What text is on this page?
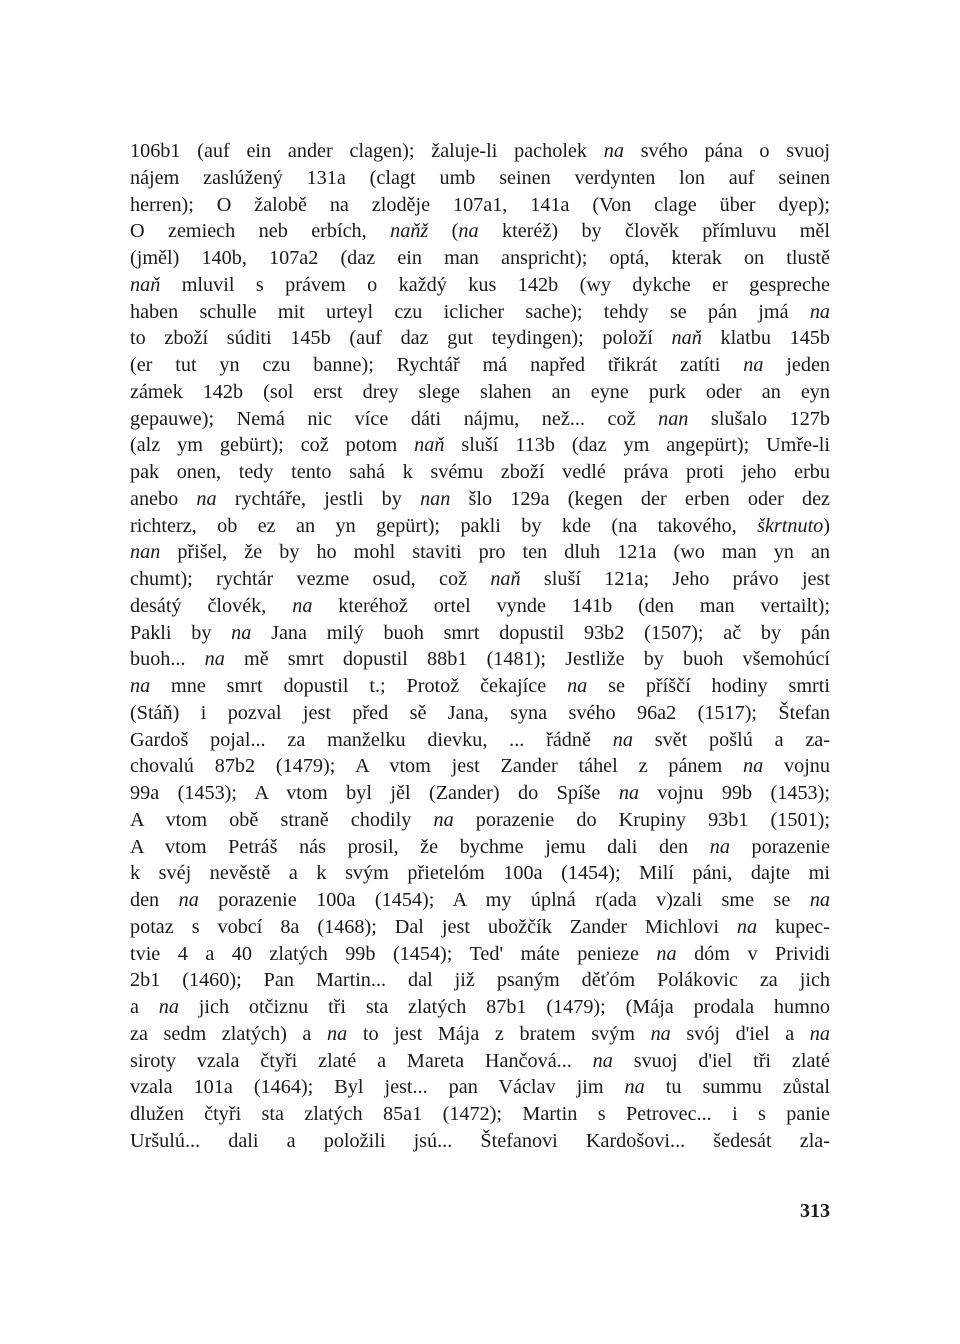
106b1 (auf ein ander clagen); žaluje-li pacholek na svého pána o svuoj
nájem zaslúžený 131a (clagt umb seinen verdynten lon auf seinen
herren); O žalobě na zloděje 107a1, 141a (Von clage über dyep);
O zemiech neb erbích, naňž (na kteréž) by člověk přímluvu měl
(jměl) 140b, 107a2 (daz ein man anspricht); optá, kterak on tlustě
naň mluvil s právem o každý kus 142b (wy dykche er gespreche
haben schulle mit urteyl czu iclicher sache); tehdy se pán jmá na
to zboží súditi 145b (auf daz gut teydingen); položí naň klatbu 145b
(er tut yn czu banne); Rychtář má napřed třikrát zatíti na jeden
zámek 142b (sol erst drey slege slahen an eyne purk oder an eyn
gepauwe); Nemá nic více dáti nájmu, než... což nan slušalo 127b
(alz ym gebürt); což potom naň sluší 113b (daz ym angepürt); Umře-li
pak onen, tedy tento sahá k svému zboží vedlé práva proti jeho erbu
anebo na rychtáře, jestli by nan šlo 129a (kegen der erben oder dez
richterz, ob ez an yn gepürt); pakli by kde (na takového, škrtnuto)
nan přišel, že by ho mohl staviti pro ten dluh 121a (wo man yn an
chumt); rychtár vezme osud, což naň sluší 121a; Jeho právo jest
desátý človék, na kteréhož ortel vynde 141b (den man vertailt);
Pakli by na Jana milý buoh smrt dopustil 93b2 (1507); ač by pán
buoh... na mě smrt dopustil 88b1 (1481); Jestliže by buoh všemohúcí
na mne smrt dopustil t.; Protož čekajíce na se příščí hodiny smrti
(Stáň) i pozval jest před sě Jana, syna svého 96a2 (1517); Štefan
Gardoš pojal... za manželku dievku, ... řádně na svět pošlú a za-
chovalú 87b2 (1479); A vtom jest Zander táhel z pánem na vojnu
99a (1453); A vtom byl jěl (Zander) do Spíše na vojnu 99b (1453);
A vtom obě straně chodily na porazenie do Krupiny 93b1 (1501);
A vtom Petráš nás prosil, že bychme jemu dali den na porazenie
k svéj nevěstě a k svým přietelóm 100a (1454); Milí páni, dajte mi
den na porazenie 100a (1454); A my úplná r(ada v)zali sme se na
potaz s vobcí 8a (1468); Dal jest ubožčík Zander Michlovi na kupec-
tvie 4 a 40 zlatých 99b (1454); Ted' máte penieze na dóm v Prividi
2b1 (1460); Pan Martin... dal již psaným děťóm Polákovic za jich
a na jich otčiznu tři sta zlatých 87b1 (1479); (Mája prodala humno
za sedm zlatých) a na to jest Mája z bratem svým na svój d'iel a na
siroty vzala čtyři zlaté a Mareta Hančová... na svuoj d'iel tři zlaté
vzala 101a (1464); Byl jest... pan Václav jim na tu summu zůstal
dlužen čtyři sta zlatých 85a1 (1472); Martin s Petrovec... i s panie
Uršulú... dali a položili jsú... Štefanovi Kardošovi... šedesát zla-
313
